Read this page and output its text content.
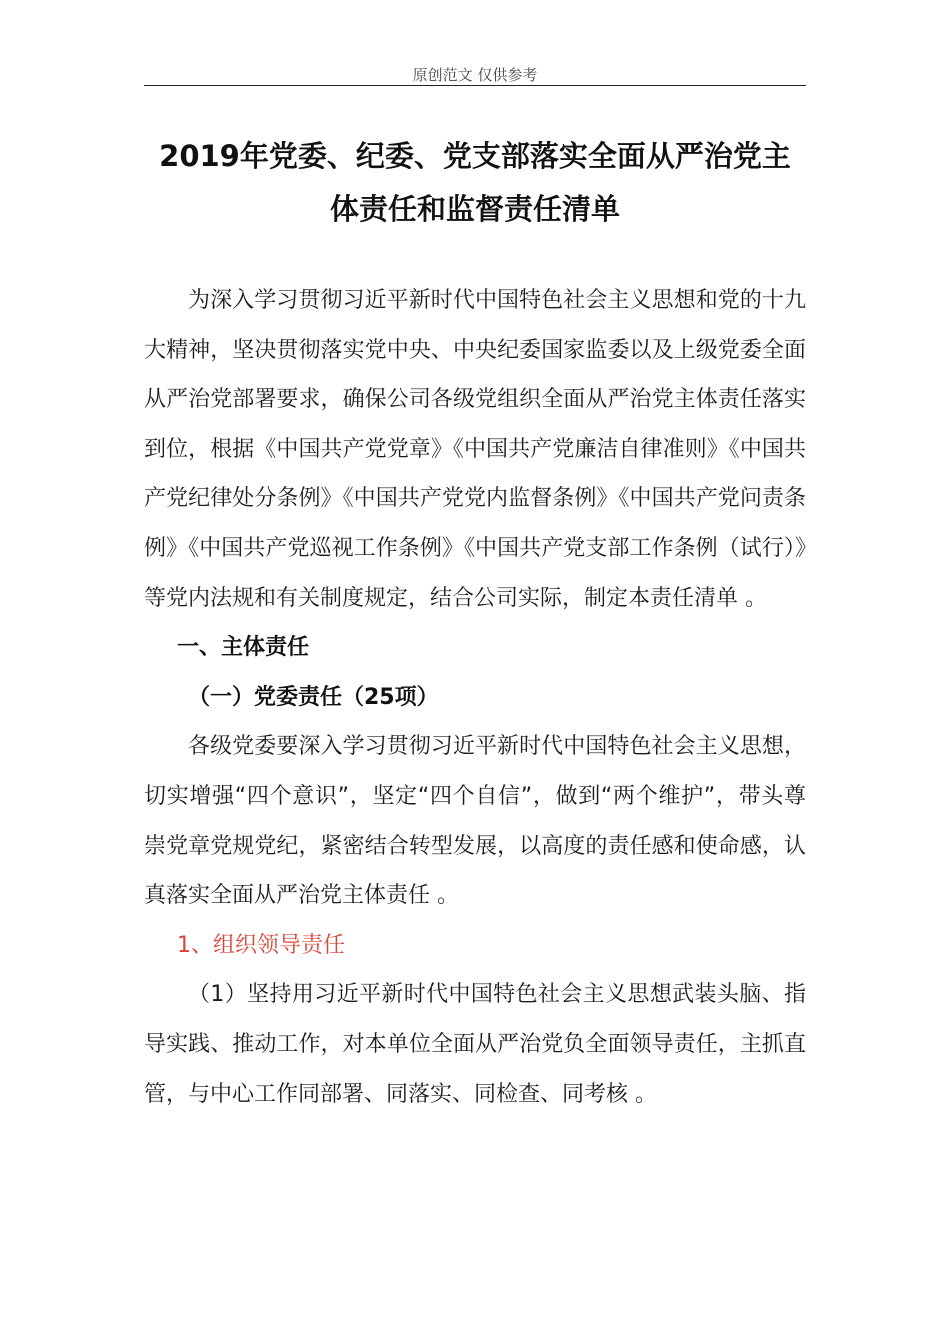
原创范文 仅供参考
2019年党委、纪委、党支部落实全面从严治党主
体责任和监督责任清单

为深入学习贯彻习近平新时代中国特色社会主义思想和党的十九大精神，坚决贯彻落实党中央、中央纪委国家监委以及上级党委全面从严治党部署要求，确保公司各级党组织全面从严治党主体责任落实到位，根据《中国共产党党章》《中国共产党廉洁自律准则》《中国共产党纪律处分条例》《中国共产党党内监督条例》《中国共产党问责条例》《中国共产党巡视工作条例》《中国共产党支部工作条例（试行）》等党内法规和有关制度规定，结合公司实际，制定本责任清单 。

一、主体责任

（一）党委责任（25项）

各级党委要深入学习贯彻习近平新时代中国特色社会主义思想，切实增强“四个意识”，坚定“四个自信”，做到“两个维护”，带头尊崇党章党规党纪，紧密结合转型发展，以高度的责任感和使命感，认真落实全面从严治党主体责任 。

1、组织领导责任

（1）坚持用习近平新时代中国特色社会主义思想武装头脑、指导实践、推动工作，对本单位全面从严治党负全面领导责任，主抓直管，与中心工作同部署、同落实、同检查、同考核 。
